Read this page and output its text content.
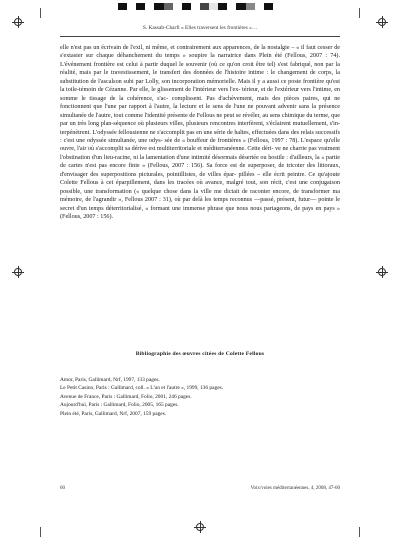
S. Kassab-Charfi « Elles traversent les frontières »…

elle n'est pas un écrivain de l'exil, ni même, et contrairement aux apparences, de la nostalgie – « il faut cesser de s'extasier sur chaque déhanchement du temps » soupire la narratrice dans Plein été (Fellous, 2007 : 74). L'événement frontière est celui à partir duquel le souvenir (où ce qu'on croit être tel) s'est fabriqué, non par la réalité, mais par le travestissement, le transfert des données de l'histoire intime : le changement de corps, la substitution de l'ascalson subi par Lolly, son incorporation mémorielle. Mais il y a aussi ce poste frontière qu'est la toile-témoin de Cézanne. Par elle, le glissement de l'intérieur vers l'ex- térieur, et de l'extérieur vers l'intime, en somme le tissage de la cohérence, s'ac- complissent. Pas d'achèvement, mais des pièces paires, qui ne fonctionnent que l'une par rapport à l'autre, la lecture et le sens de l'une ne pouvant advenir sans la présence simultanée de l'autre, tout comme l'identité présente de Fellous ne peut se révéler, au sens chimique du terme, que par un très long plan-séquence où plusieurs villes, plusieurs rencontres interfèrent, s'éclairent mutuellement, s'in- terpénètrent. L'odyssée fellousienne ne s'accomplit pas en une série de haltes, effectuées dans des relais successifs : c'est une odyssée simultanée, une odys- sée de « bouffeur de frontières » (Fellous, 1997 : 78). L'espace qu'elle ouvre, l'air où s'accomplit sa dérive est multiterritoriale et méditerranéenne. Cette déri- ve ne charrie pas vraiment l'obstination d'un lieu-racine, ni la lamentation d'une intimité désormais désertée ou hostile : d'ailleurs, la « partie de cartes n'est pas encore finie » (Fellous, 2007 : 156). Sa force est de superposer, de tricoter des littoraux, d'envisager des superpositions picturales, pointillistes, de villes épar- pillées – elle écrit peintre. Ce qu'ajoute Colette Fellous à cet éparpillement, dans les tracées où avance, malgré tout, son récit, c'est une conjugaison possible, une transformation (« quelque chose dans la ville me dictait de raconter encore, de transformer ma mémoire, de l'agrandir », Fellous 2007 : 31), où par delà les temps reconnus —passé, présent, futur— pointe le secret d'un temps déterritorialisé, « formant une immense phrase que nous nous partageons, de pays en pays » (Fellous, 2007 : 156).

Bibliographie des œuvres citées de Colette Fellous
Amor, Paris, Gallimard, Nrf, 1997, 133 pages.
Le Petit Casino, Paris : Gallimard, coll. « L'un et l'autre », 1999, 136 pages.
Avenue de France, Paris : Gallimard, Folio, 2001, 246 pages.
Aujourd'hui, Paris : Gallimard, Folio, 2005, 165 pages.
Plein été, Paris, Gallimard, Nrf, 2007, 159 pages.
60	Voix/voies méditerranéennes, 4, 2008, 47-60
